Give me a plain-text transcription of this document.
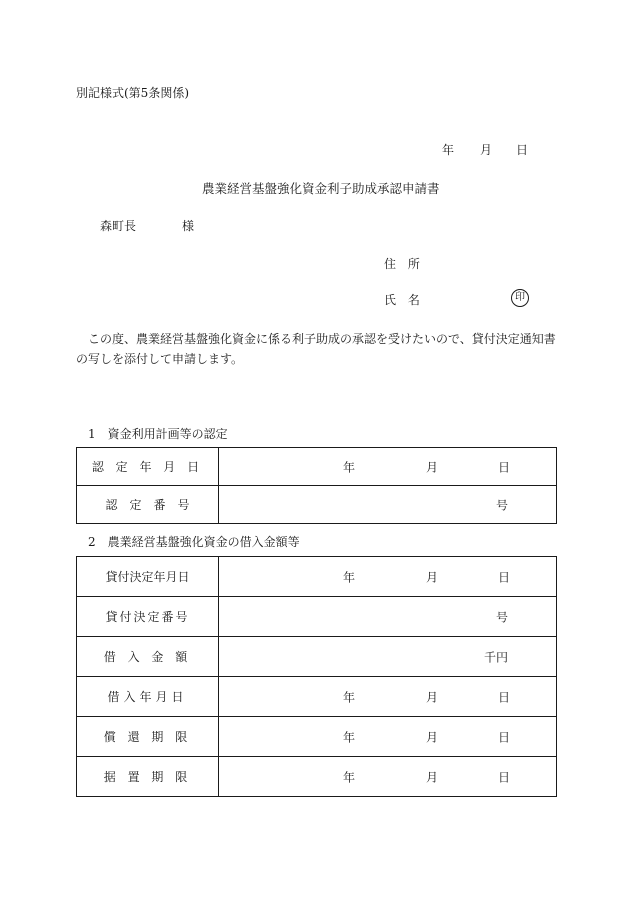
別記様式(第5条関係)
年 月 日
農業経営基盤強化資金利子助成承認申請書
森町長	様
住 所
氏 名	印
この度、農業経営基盤強化資金に係る利子助成の承認を受けたいので、貸付決定通知書
の写しを添付して申請します。
1　資金利用計画等の認定
認 定 年 月 日	年 月 日

認　定　番　号	号
2　農業経営基盤強化資金の借入金額等
貸付決定年月日	年 月 日

貸付決定番号	号

借 入 金 額	千円

借入年月日	年 月 日

償 還 期 限	年 月 日

据 置 期 限	年 月 日
